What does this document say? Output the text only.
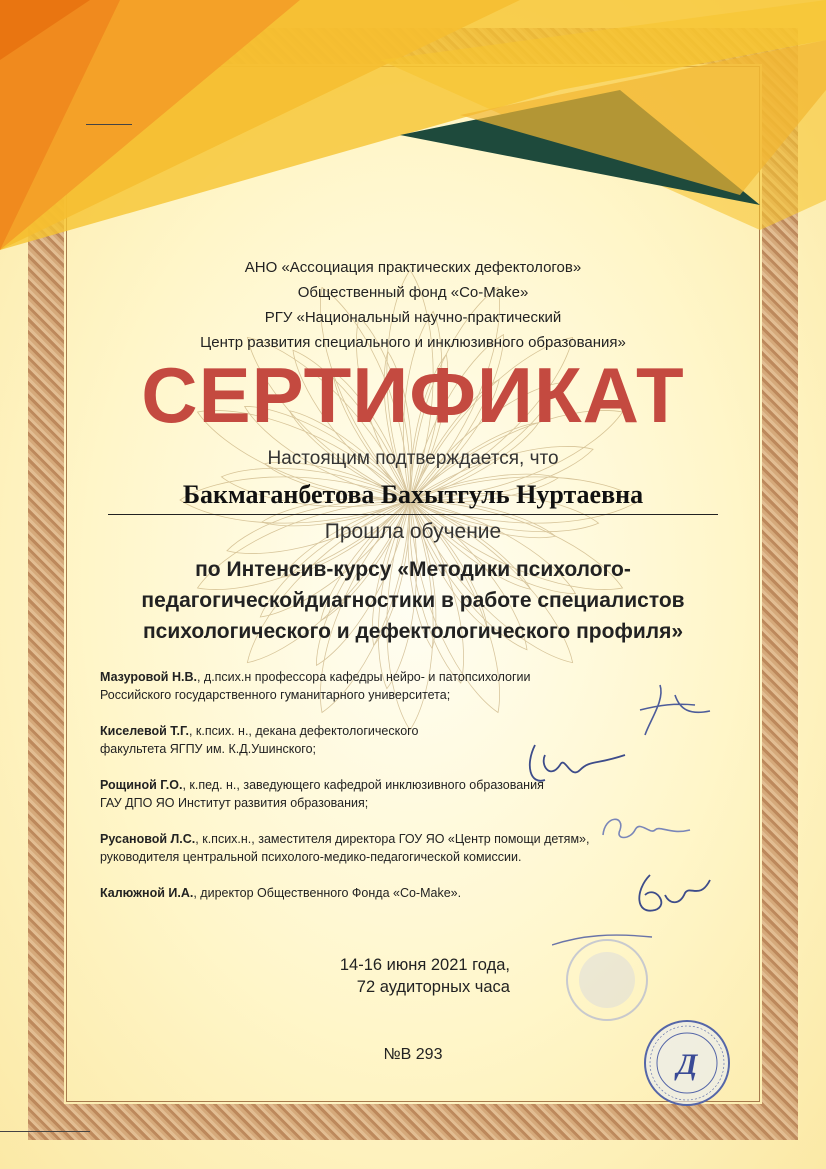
АНО «Ассоциация практических дефектологов»
Общественный фонд «Co-Make»
РГУ «Национальный научно-практический
Центр развития специального и инклюзивного образования»
СЕРТИФИКАТ
Настоящим подтверждается, что
Бакмаганбетова Бахытгуль Нуртаевна
Прошла обучение
по Интенсив-курсу «Методики психолого-
педагогическойдиагностики в работе специалистов
психологического и дефектологического профиля»
Мазуровой Н.В., д.псих.н профессора кафедры нейро- и патопсихологии
Российского государственного гуманитарного университета;
Киселевой Т.Г., к.псих. н., декана дефектологического
факультета ЯГПУ им. К.Д.Ушинского;
Рощиной Г.О., к.пед. н., заведующего кафедрой инклюзивного образования
ГАУ ДПО ЯО Институт развития образования;
Русановой Л.С., к.псих.н., заместителя директора ГОУ ЯО «Центр помощи детям»,
руководителя центральной психолого-медико-педагогической комиссии.
Калюжной И.А., директор Общественного Фонда «Co-Make».
14-16 июня 2021 года,
72 аудиторных часа
№В 293	Д
